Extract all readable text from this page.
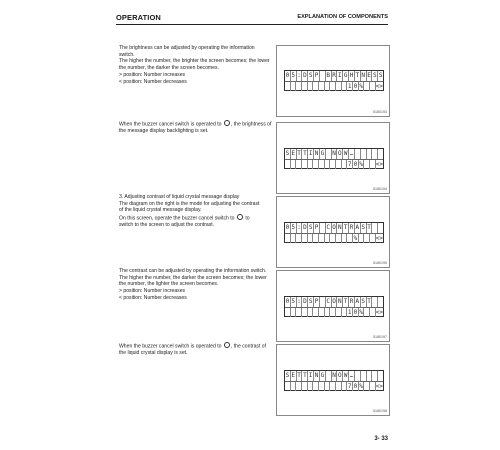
OPERATION	EXPLANATION OF COMPONENTS
The brightness can be adjusted by operating the information
switch.
The higher the number, the brighter the screen becomes; the lower
the number, the darker the screen becomes.
> position: Number increases
< position: Number decreases
0 5 : D S P B R I G H T N E S S
1 0 % <>
5180193
When the buzzer cancel switch is operated to , the brightness of
the message display backlighting is set.
S E T T I N G N O W …
7 0 % <>
5180194
3. Adjusting contrast of liquid crystal message display
The diagram on the right is the mode for adjusting the contrast
of the liquid crystal message display.
On this screen, operate the buzzer cancel switch to  to
switch to the screen to adjust the contrast.	0 5 : D S P C O N T R A S T
%	<>
5180195
The contrast can be adjusted by operating the information switch.
The higher the number, the darker the screen becomes; the lower
the number, the lighter the screen becomes.
> position: Number increases
< position: Number decreases
0 5 : D S P C O N T R A S T
1 0 % <>
5180197
When the buzzer cancel switch is operated to , the contrast of
the liquid crystal display is set.
S E T T I N G N O W …
7 0 % <>
5180198
3- 33
